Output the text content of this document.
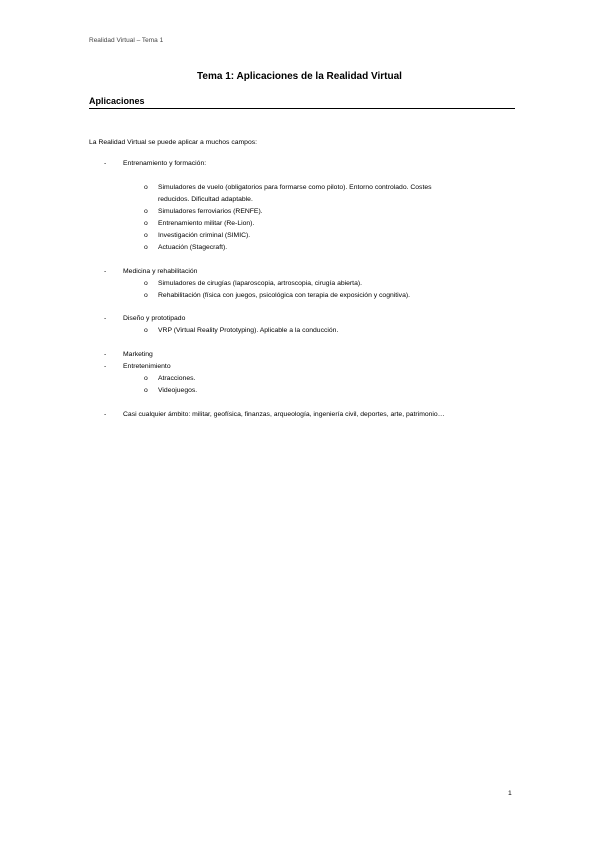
Realidad Virtual – Tema 1
Tema 1: Aplicaciones de la Realidad Virtual
Aplicaciones
La Realidad Virtual se puede aplicar a muchos campos:
- Entrenamiento y formación:
o Simuladores de vuelo (obligatorios para formarse como piloto). Entorno controlado. Costes
reducidos. Dificultad adaptable.
o Simuladores ferroviarios (RENFE).
o Entrenamiento militar (Re-Lion).
o Investigación criminal (SIMIC).
o Actuación (Stagecraft).
- Medicina y rehabilitación
o Simuladores de cirugías (laparoscopia, artroscopia, cirugía abierta).
o Rehabilitación (física con juegos, psicológica con terapia de exposición y cognitiva).
- Diseño y prototipado
o VRP (Virtual Reality Prototyping). Aplicable a la conducción.
- Marketing
- Entretenimiento
o Atracciones.
o Videojuegos.
- Casi cualquier ámbito: militar, geofísica, finanzas, arqueología, ingeniería civil, deportes, arte, patrimonio…
1
